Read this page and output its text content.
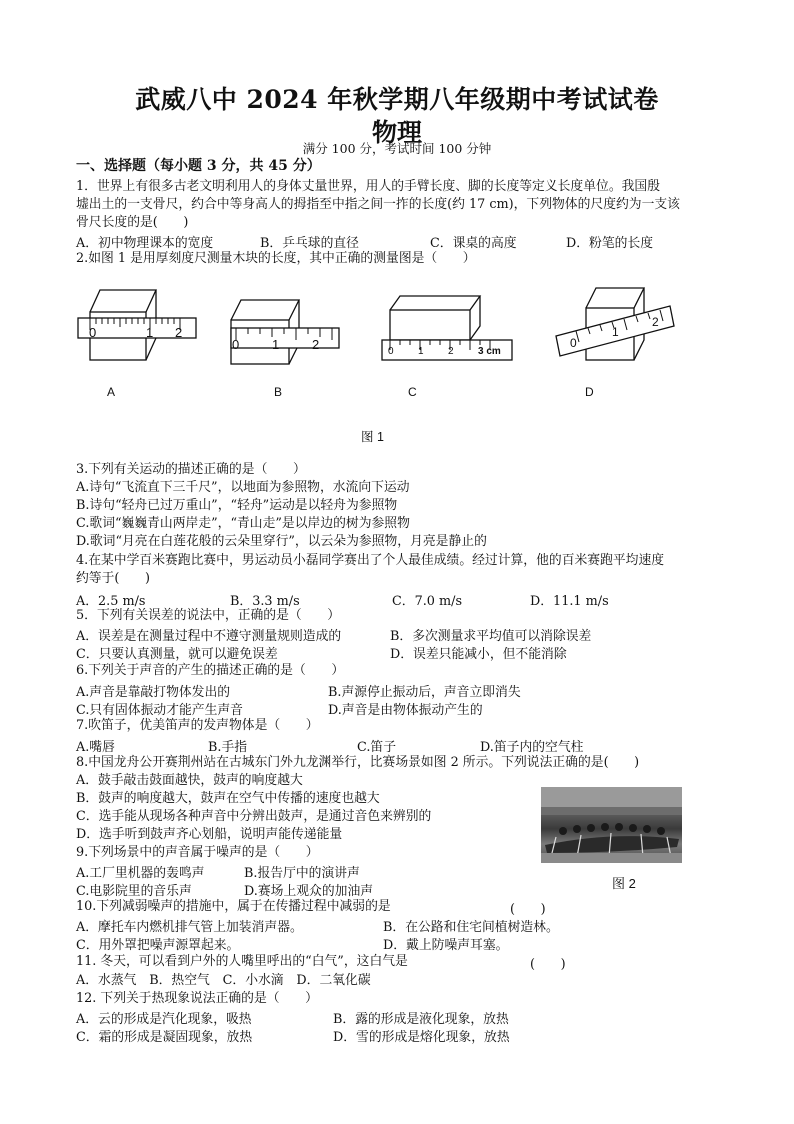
武威八中 2024 年秋学期八年级期中考试试卷
物理
满分 100 分，考试时间 100 分钟
一、选择题（每小题 3 分，共 45 分）
1．世界上有很多古老文明利用人的身体丈量世界，用人的手臂长度、脚的长度等定义长度单位。我国殷
墟出土的一支骨尺，约合中等身高人的拇指至中指之间一拃的长度(约 17 cm)，下列物体的尺度约为一支该
骨尺长度的是(　　)
A．初中物理课本的宽度	B．乒乓球的直径	C．课桌的高度	D．粉笔的长度
2.如图 1 是用厚刻度尺测量木块的长度，其中正确的测量图是（　　）
0	1 2
0	1	2	0 1 2 3 cm
0
1
2
A	B	C	D
图 1
3.下列有关运动的描述正确的是（　　）
A.诗句“飞流直下三千尺”，以地面为参照物，水流向下运动
B.诗句“轻舟已过万重山”，“轻舟”运动是以轻舟为参照物
C.歌词“巍巍青山两岸走”，“青山走”是以岸边的树为参照物
D.歌词“月亮在白莲花般的云朵里穿行”，以云朵为参照物，月亮是静止的
4.在某中学百米赛跑比赛中，男运动员小磊同学赛出了个人最佳成绩。经过计算，他的百米赛跑平均速度
约等于(　　)
A．2.5 m/s	B．3.3 m/s	C．7.0 m/s	D．11.1 m/s
5．下列有关误差的说法中，正确的是（　　）
A．误差是在测量过程中不遵守测量规则造成的	B．多次测量求平均值可以消除误差
C．只要认真测量，就可以避免误差	D．误差只能减小，但不能消除
6.下列关于声音的产生的描述正确的是（　　）
A.声音是靠敲打物体发出的	B.声源停止振动后，声音立即消失
C.只有固体振动才能产生声音	D.声音是由物体振动产生的
7.吹笛子，优美笛声的发声物体是（　　）
A.嘴唇	B.手指	C.笛子	D.笛子内的空气柱
8.中国龙舟公开赛荆州站在古城东门外九龙渊举行，比赛场景如图 2 所示。下列说法正确的是(　　)
A．鼓手敲击鼓面越快，鼓声的响度越大
B．鼓声的响度越大，鼓声在空气中传播的速度也越大
C．选手能从现场各种声音中分辨出鼓声，是通过音色来辨别的
D．选手听到鼓声齐心划船，说明声能传递能量
图 2
9.下列场景中的声音属于噪声的是（　　）
A.工厂里机器的轰鸣声	B.报告厅中的演讲声
C.电影院里的音乐声	D.赛场上观众的加油声
10.下列减弱噪声的措施中，属于在传播过程中减弱的是	(　　)
A．摩托车内燃机排气管上加装消声器。	B．在公路和住宅间植树造林。
C．用外罩把噪声源罩起来。	D．戴上防噪声耳塞。
11. 冬天，可以看到户外的人嘴里呼出的“白气”，这白气是	(　　)
A．水蒸气　B．热空气　C．小水滴　D．二氧化碳
12. 下列关于热现象说法正确的是（　　）
A．云的形成是汽化现象，吸热	B．露的形成是液化现象，放热
C．霜的形成是凝固现象，放热	D．雪的形成是熔化现象，放热
